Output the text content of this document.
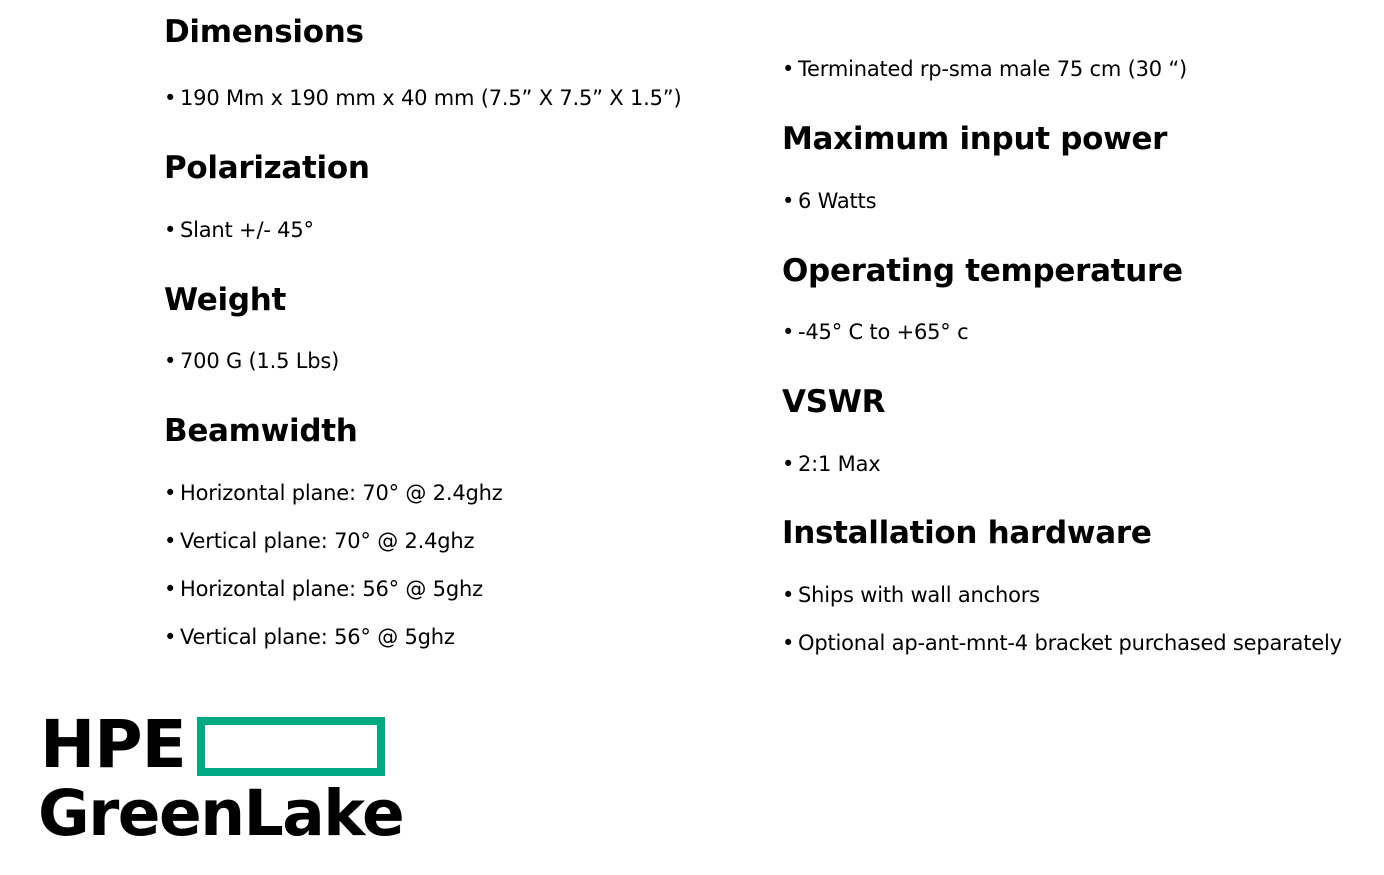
Dimensions
• 190 Mm x 190 mm x 40 mm (7.5” X 7.5” X 1.5”)
Polarization
• Slant +/- 45°
Weight
• 700 G (1.5 Lbs)
Beamwidth
• Horizontal plane: 70° @ 2.4ghz
• Vertical plane: 70° @ 2.4ghz
• Horizontal plane: 56° @ 5ghz
• Vertical plane: 56° @ 5ghz
• Terminated rp-sma male 75 cm (30 “)
Maximum input power
• 6 Watts
Operating temperature
• -45° C to +65° c
VSWR
• 2:1 Max
Installation hardware
• Ships with wall anchors
• Optional ap-ant-mnt-4 bracket purchased separately
HPE
GreenLake
